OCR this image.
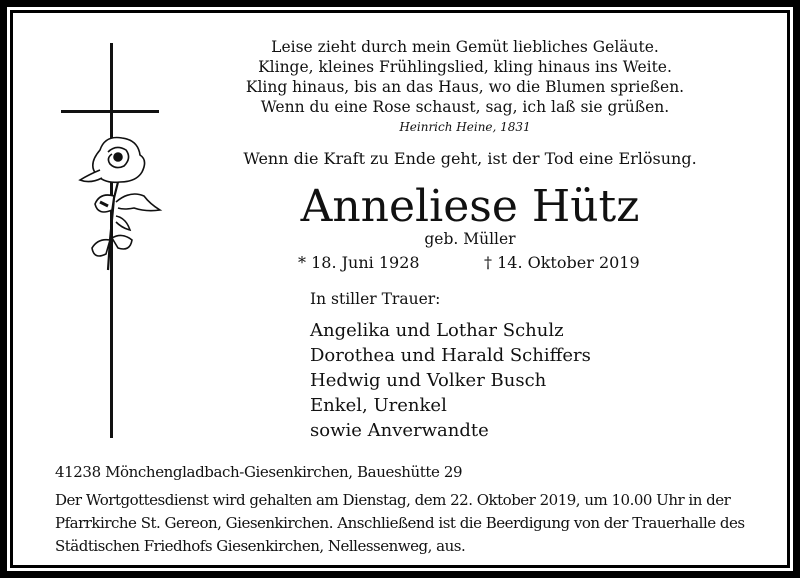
Leise zieht durch mein Gemüt liebliches Geläute.
Klinge, kleines Frühlingslied, kling hinaus ins Weite.
Kling hinaus, bis an das Haus, wo die Blumen sprießen.
Wenn du eine Rose schaust, sag, ich laß sie grüßen.
Heinrich Heine, 1831
Wenn die Kraft zu Ende geht, ist der Tod eine Erlösung.
Anneliese Hütz
geb. Müller
* 18. Juni 1928	† 14. Oktober 2019
In stiller Trauer:
Angelika und Lothar Schulz
Dorothea und Harald Schiffers
Hedwig und Volker Busch
Enkel, Urenkel
sowie Anverwandte
41238 Mönchengladbach-Giesenkirchen, Baueshütte 29
Der Wortgottesdienst wird gehalten am Dienstag, dem 22. Oktober 2019, um 10.00 Uhr in der
Pfarrkirche St. Gereon, Giesenkirchen. Anschließend ist die Beerdigung von der Trauerhalle des
Städtischen Friedhofs Giesenkirchen, Nellessenweg, aus.
